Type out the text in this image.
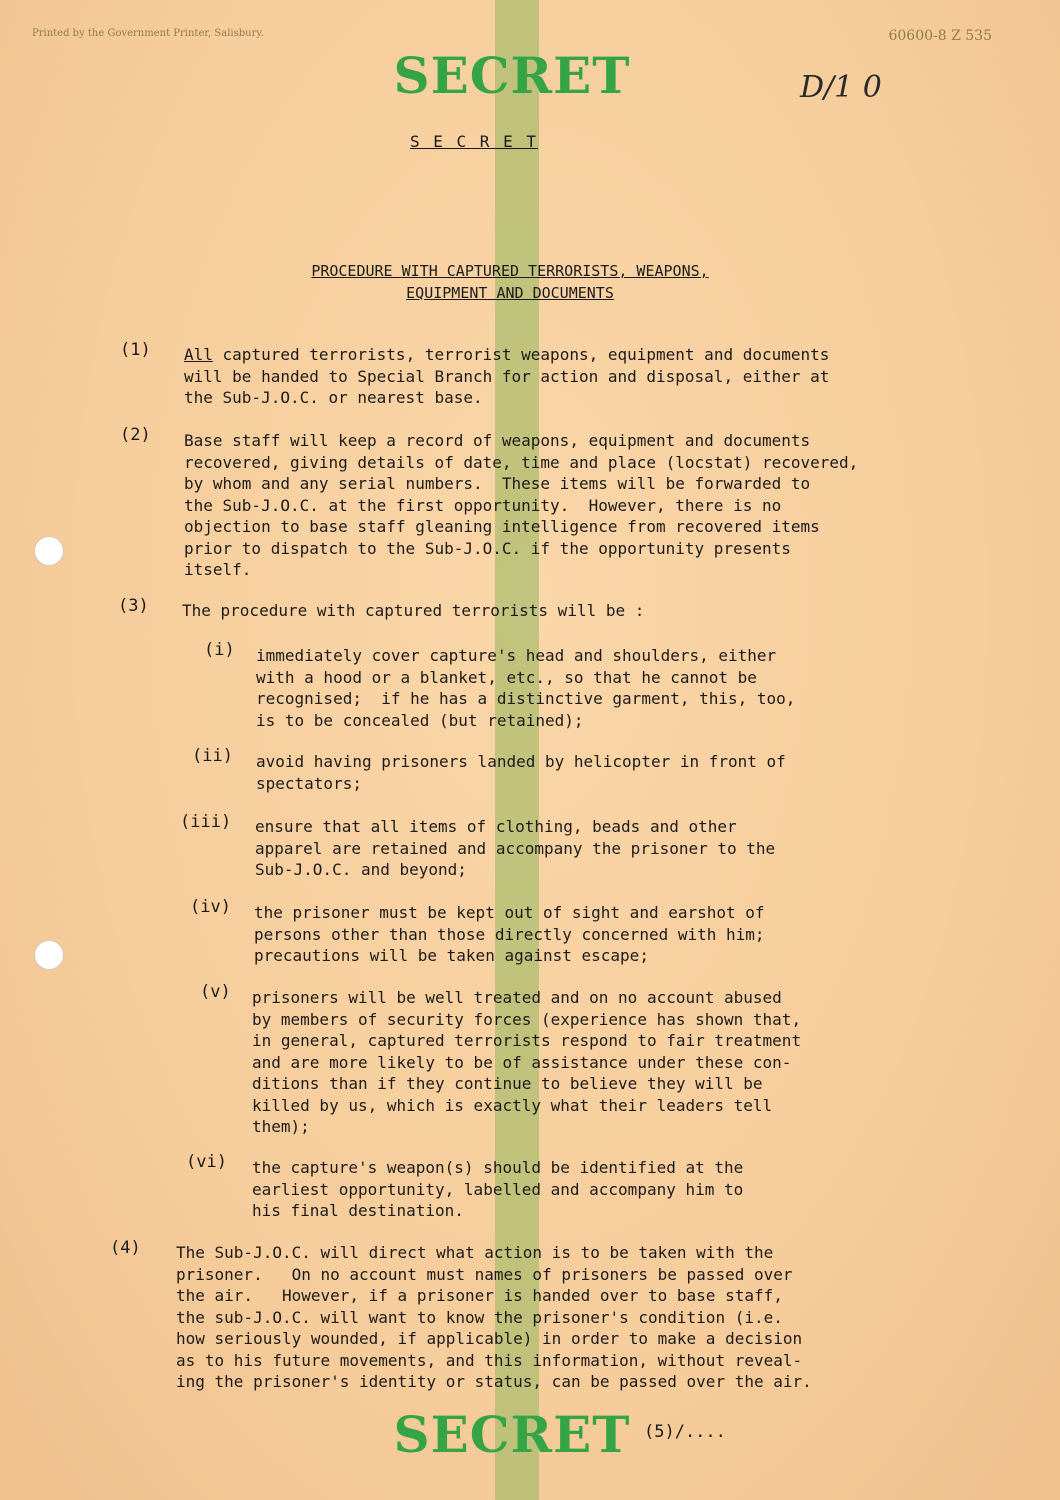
Printed by the Government Printer, Salisbury.	60600-8 Z 535
SECRET	D/1 0
S E C R E T
PROCEDURE WITH CAPTURED TERRORISTS, WEAPONS,
EQUIPMENT AND DOCUMENTS
(1) All captured terrorists, terrorist weapons, equipment and documents
will be handed to Special Branch for action and disposal, either at
the Sub-J.O.C. or nearest base.
(2) Base staff will keep a record of weapons, equipment and documents
recovered, giving details of date, time and place (locstat) recovered,
by whom and any serial numbers.  These items will be forwarded to
the Sub-J.O.C. at the first opportunity.  However, there is no
objection to base staff gleaning intelligence from recovered items
prior to dispatch to the Sub-J.O.C. if the opportunity presents
itself.
(3) The procedure with captured terrorists will be :
(i) immediately cover capture's head and shoulders, either
with a hood or a blanket, etc., so that he cannot be
recognised;  if he has a distinctive garment, this, too,
is to be concealed (but retained);
(ii) avoid having prisoners landed by helicopter in front of
spectators;
(iii) ensure that all items of clothing, beads and other
apparel are retained and accompany the prisoner to the
Sub-J.O.C. and beyond;
(iv) the prisoner must be kept out of sight and earshot of
persons other than those directly concerned with him;
precautions will be taken against escape;
(v) prisoners will be well treated and on no account abused
by members of security forces (experience has shown that,
in general, captured terrorists respond to fair treatment
and are more likely to be of assistance under these con-
ditions than if they continue to believe they will be
killed by us, which is exactly what their leaders tell
them);
(vi) the capture's weapon(s) should be identified at the
earliest opportunity, labelled and accompany him to
his final destination.
(4) The Sub-J.O.C. will direct what action is to be taken with the
prisoner.   On no account must names of prisoners be passed over
the air.   However, if a prisoner is handed over to base staff,
the sub-J.O.C. will want to know the prisoner's condition (i.e.
how seriously wounded, if applicable) in order to make a decision
as to his future movements, and this information, without reveal-
ing the prisoner's identity or status, can be passed over the air.
SECRET (5)/....
